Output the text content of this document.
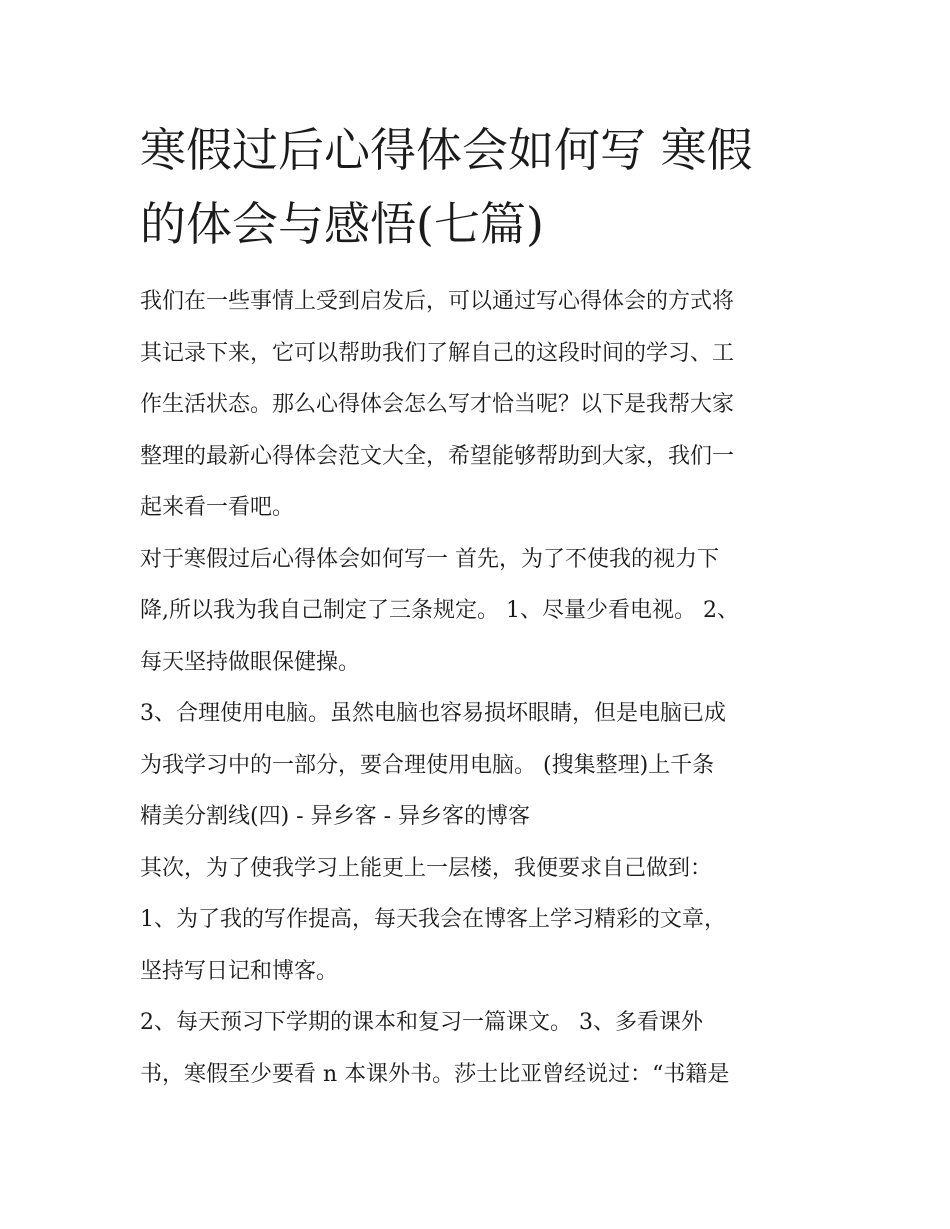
寒假过后心得体会如何写 寒假
的体会与感悟(七篇)
我们在一些事情上受到启发后，可以通过写心得体会的方式将
其记录下来，它可以帮助我们了解自己的这段时间的学习、工
作生活状态。那么心得体会怎么写才恰当呢？以下是我帮大家
整理的最新心得体会范文大全，希望能够帮助到大家，我们一
起来看一看吧。
对于寒假过后心得体会如何写一 首先，为了不使我的视力下
降,所以我为我自己制定了三条规定。 1、尽量少看电视。 2、
每天坚持做眼保健操。
3、合理使用电脑。虽然电脑也容易损坏眼睛，但是电脑已成
为我学习中的一部分，要合理使用电脑。 (搜集整理)上千条
精美分割线(四) - 异乡客 - 异乡客的博客
其次，为了使我学习上能更上一层楼，我便要求自己做到：
1、为了我的写作提高，每天我会在博客上学习精彩的文章，
坚持写日记和博客。
2、每天预习下学期的课本和复习一篇课文。 3、多看课外
书，寒假至少要看 n 本课外书。莎士比亚曾经说过：“书籍是
